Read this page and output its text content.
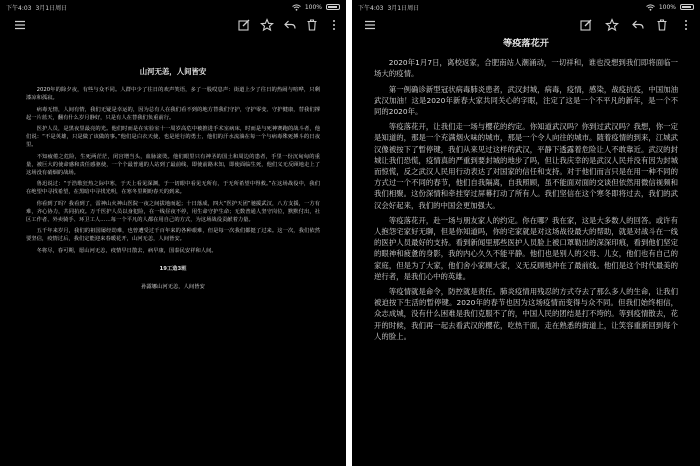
下午4:03 3月1日周日	100%
山河无恙，人间皆安

2020年的除夕夜，有些与众不同。人群中少了往日的欢声笑语，多了一股哎息声：街道上少了往日的热闹与喧哗，只剩漆凉和孤寂。

病毒无情，人间有情，我们无疑是幸运的，因为总有人在我们看不到的地方替我们守护，守护零变、守护健康，替我们撑起一片蓝天，翻有什么岁月静好，只是有人在替我们负重前行。

医护人员，是黑夜里最亮的光。他们时而是在实验室十一周岁高危中被推进手术室病床，时而是与死神赛跑的战斗者，他们说：“不是英雄，只是做了该做的事。”他们是白衣天使，也是逆行的勇士，他们的汗水流淌在每一个与病毒殊死搏斗的日夜里。

不知疲倦之危险，生死两茫茫，闭宫增当头，血脉滚烫。他们眼里只有神圣的国土和周边的患者，手里一份沉甸甸的重量，被巨大的使命感和责任感驱使，一个个最普通的人站到了最前线，即使前路未知，即使面临生死，他们义无反顾地走上了这场没有硝烟的战场。

鲁迅说过：“于浩歌狂热之际中寒，于天上看见深渊，于一切眼中看见无所有，于无所希望中得救。”在这场战役中，我们在绝望中寻找希望，在黑暗中寻找光明，在寒冬里期盼春天的到来。

你看到了吗？我看到了，雷神山火神山医院一夜之间拔地而起；十日落成，四大“医护天团”驰援武汉，八方支援，一方有难，齐心协力，共同抗疫。万千医护人员以身犯险，在一线昼夜不停，用生命守护生命；无数普通人坚守岗位，默默付出，社区工作者、外卖骑手、环卫工人……每一个平凡的人都在用自己的方式，为这场战役贡献着力量。

五千年来岁月，我们的祖国屡经劫难，也曾遭受过千百年来的各种艰难，但是每一次我们都挺了过来。这一次，我们依然要坚信，疫情过后，我们定能迎来春暖花开，山河无恙，人间皆安。

冬将尽，春可期，愿山河无恙，疫情早日散去，病早康，国泰民安祥和人间。

19工造3班
孙露娜山河无恙，人间皆安
下午4:03 3月1日周日	100%
等疫落花开

2020年1月7日，离校返家，合肥南站人潮涌动，一切祥和，谁也没想到我们即将面临一场大的疫情。

第一例确诊新型冠状病毒肺炎患者，武汉封城，病毒，疫情，感染，战疫抗疫，中国加油武汉加油！这是2020年新春大家共同关心的字眼，注定了这是一个不平凡的新年，是一个不同的2020年。

等疫落花开，让我们走一场与樱花的约定。你知道武汉吗？你到过武汉吗？我想，你一定是知道的，那是一个充满烟火味的城市，那是一个令人向往的城市。随着疫情的到来，江城武汉像被按下了暂停键，我们从来见过这样的武汉，平静下透露着危险让人不敢靠近。武汉的封城让我们恐慌，疫情真的严重到要封城的地步了吗，但让我庆幸的是武汉人民并没有因为封城而惊慌，反之武汉人民用行动表达了对国家的信任和支持。对于他们而言只是在用一种不同的方式过一个不同的春节，他们自我隔离，自我照顾，虽不能面对面的交谈但依然用微信视频和我们相聚。这份深情和牵挂穿过屏幕打动了所有人。我们坚信在这个寒冬即将过去，我们的武汉会好起来，我们的中国会更加强大。

等疫落花开，赴一场与朋友家人的约定。你在哪？我在家，这是大多数人的回答。或许有人抱怨宅家好无聊，但是你知道吗，你的宅家就是对这场战役最大的帮助，就是对战斗在一线的医护人员最好的支持。看到新闻里那些医护人员脸上被口罩勒出的深深印痕，看到他们坚定的眼神和疲惫的身影，我的内心久久不能平静。他们也是别人的父母、儿女，他们也有自己的家庭，但是为了大家，他们舍小家顾大家，义无反顾地冲在了最前线。他们是这个时代最美的逆行者，是我们心中的英雄。

等疫情就是命令，防控就是责任。肺炎疫情用残忍的方式夺去了那么多人的生命，让我们被迫按下生活的暂停键。2020年的春节也因为这场疫情而变得与众不同。但我们始终相信，众志成城，没有什么困难是我们克服不了的，中国人民的团结是打不垮的。等到疫情散去，花开的时候，我们再一起去看武汉的樱花，吃热干面，走在熟悉的街道上，让笑容重新回到每个人的脸上。
